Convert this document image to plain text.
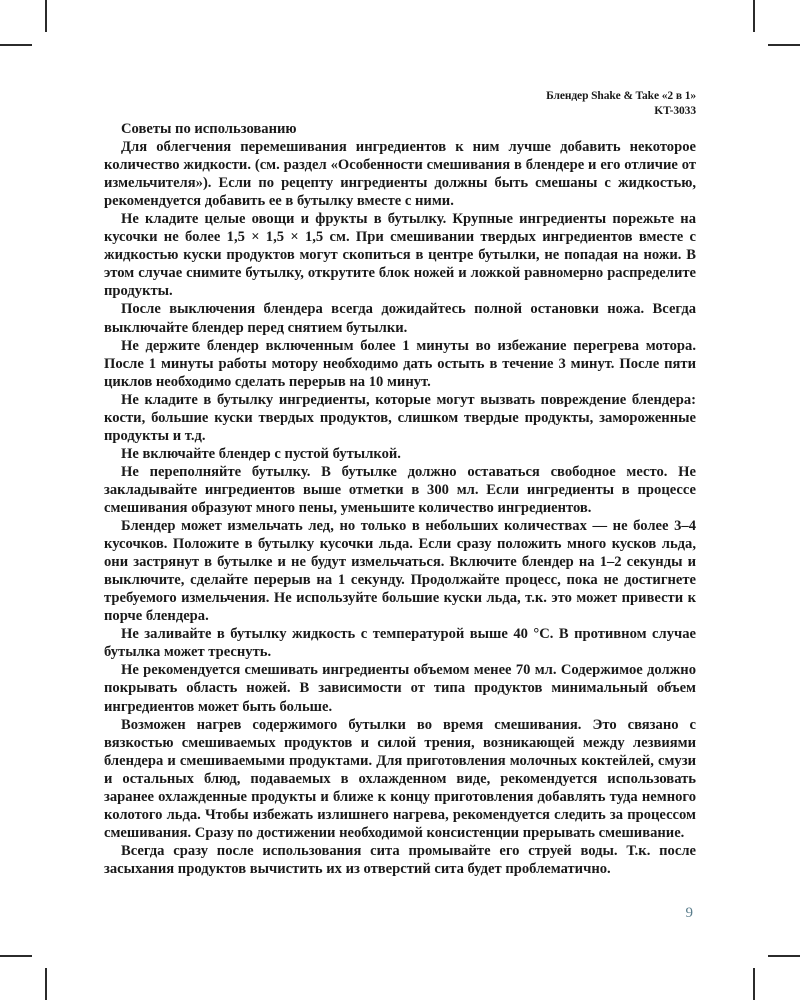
Блендер Shake & Take «2 в 1»
KT-3033
Советы по использованию

Для облегчения перемешивания ингредиентов к ним лучше добавить некоторое количество жидкости. (см. раздел «Особенности смешивания в блендере и его отличие от измельчителя»). Если по рецепту ингредиенты должны быть смешаны с жидкостью, рекомендуется добавить ее в бутылку вместе с ними.

Не кладите целые овощи и фрукты в бутылку. Крупные ингредиенты порежьте на кусочки не более 1,5 × 1,5 × 1,5 см. При смешивании твердых ингредиентов вместе с жидкостью куски продуктов могут скопиться в центре бутылки, не попадая на ножи. В этом случае снимите бутылку, открутите блок ножей и ложкой равномерно распределите продукты.

После выключения блендера всегда дожидайтесь полной остановки ножа. Всегда выключайте блендер перед снятием бутылки.

Не держите блендер включенным более 1 минуты во избежание перегрева мотора. После 1 минуты работы мотору необходимо дать остыть в течение 3 минут. После пяти циклов необходимо сделать перерыв на 10 минут.

Не кладите в бутылку ингредиенты, которые могут вызвать повреждение блендера: кости, большие куски твердых продуктов, слишком твердые продукты, замороженные продукты и т.д.

Не включайте блендер с пустой бутылкой.

Не переполняйте бутылку. В бутылке должно оставаться свободное место. Не закладывайте ингредиентов выше отметки в 300 мл. Если ингредиенты в процессе смешивания образуют много пены, уменьшите количество ингредиентов.

Блендер может измельчать лед, но только в небольших количествах — не более 3–4 кусочков. Положите в бутылку кусочки льда. Если сразу положить много кусков льда, они застрянут в бутылке и не будут измельчаться. Включите блендер на 1–2 секунды и выключите, сделайте перерыв на 1 секунду. Продолжайте процесс, пока не достигнете требуемого измельчения. Не используйте большие куски льда, т.к. это может привести к порче блендера.

Не заливайте в бутылку жидкость с температурой выше 40 °С. В противном случае бутылка может треснуть.

Не рекомендуется смешивать ингредиенты объемом менее 70 мл. Содержимое должно покрывать область ножей. В зависимости от типа продуктов минимальный объем ингредиентов может быть больше.

Возможен нагрев содержимого бутылки во время смешивания. Это связано с вязкостью смешиваемых продуктов и силой трения, возникающей между лезвиями блендера и смешиваемыми продуктами. Для приготовления молочных коктейлей, смузи и остальных блюд, подаваемых в охлажденном виде, рекомендуется использовать заранее охлажденные продукты и ближе к концу приготовления добавлять туда немного колотого льда. Чтобы избежать излишнего нагрева, рекомендуется следить за процессом смешивания. Сразу по достижении необходимой консистенции прерывать смешивание.

Всегда сразу после использования сита промывайте его струей воды. Т.к. после засыхания продуктов вычистить их из отверстий сита будет проблематично.

9
